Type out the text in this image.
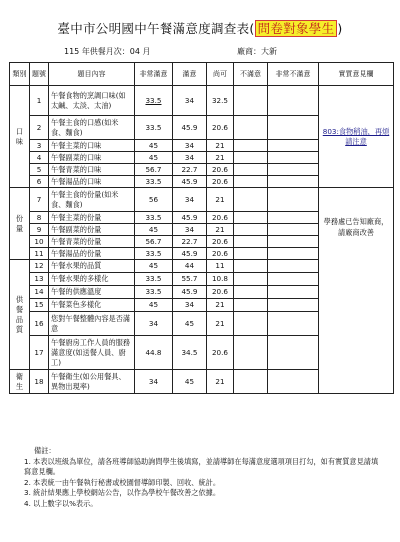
臺中市公明國中午餐滿意度調查表( 問卷對象學生 )
115 年供餐月次：04 月	廠商：大新
類別	題號	題目內容	非常滿意	滿意	尚可	不滿意	非常不滿意	實質意見欄
口味	1	午餐食物的烹調口味(如太鹹、太淡、太油)	33.5	34	32.5			803:食物稍油，再煩請注意

	2	午餐主食的口感(如米食、麵食)	33.5	45.9	20.6			
	3	午餐主菜的口味	45	34	21			
	4	午餐副菜的口味	45	34	21			
	5	午餐青菜的口味	56.7	22.7	20.6			
	6	午餐湯品的口味	33.5	45.9	20.6			
份量	7	午餐主食的份量(如米食、麵食)	56	34	21			學務處已告知廠商，請廠商改善

	8	午餐主菜的份量	33.5	45.9	20.6			
	9	午餐副菜的份量	45	34	21			
	10	午餐青菜的份量	56.7	22.7	20.6			
	11	午餐湯品的份量	33.5	45.9	20.6			
供餐品質	12	午餐水果的品質	45	44	11			
	13	午餐水果的多樣化	33.5	55.7	10.8			
	14	午餐的供應溫度	33.5	45.9	20.6			
	15	午餐菜色多樣化	45	34	21			
	16	您對午餐整體內容是否滿意	34	45	21			
	17	午餐廚房工作人員的服務滿意度(如送餐人員、廚工)	44.8	34.5	20.6			
衛生	18	午餐衛生(如公用餐具、異物出現率)	34	45	21			
備註：
1. 本表以班級為單位，請各班導師協助詢問學生後填寫，並請導師在每滿意度選項項目打勾，如有實質意見請填寫意見欄。
2. 本表統一由午餐執行秘書或校園督導師印製、回收、統計。
3. 統計結果應上學校網站公告，以作為學校午餐改善之依據。
4. 以上數字以%表示。
